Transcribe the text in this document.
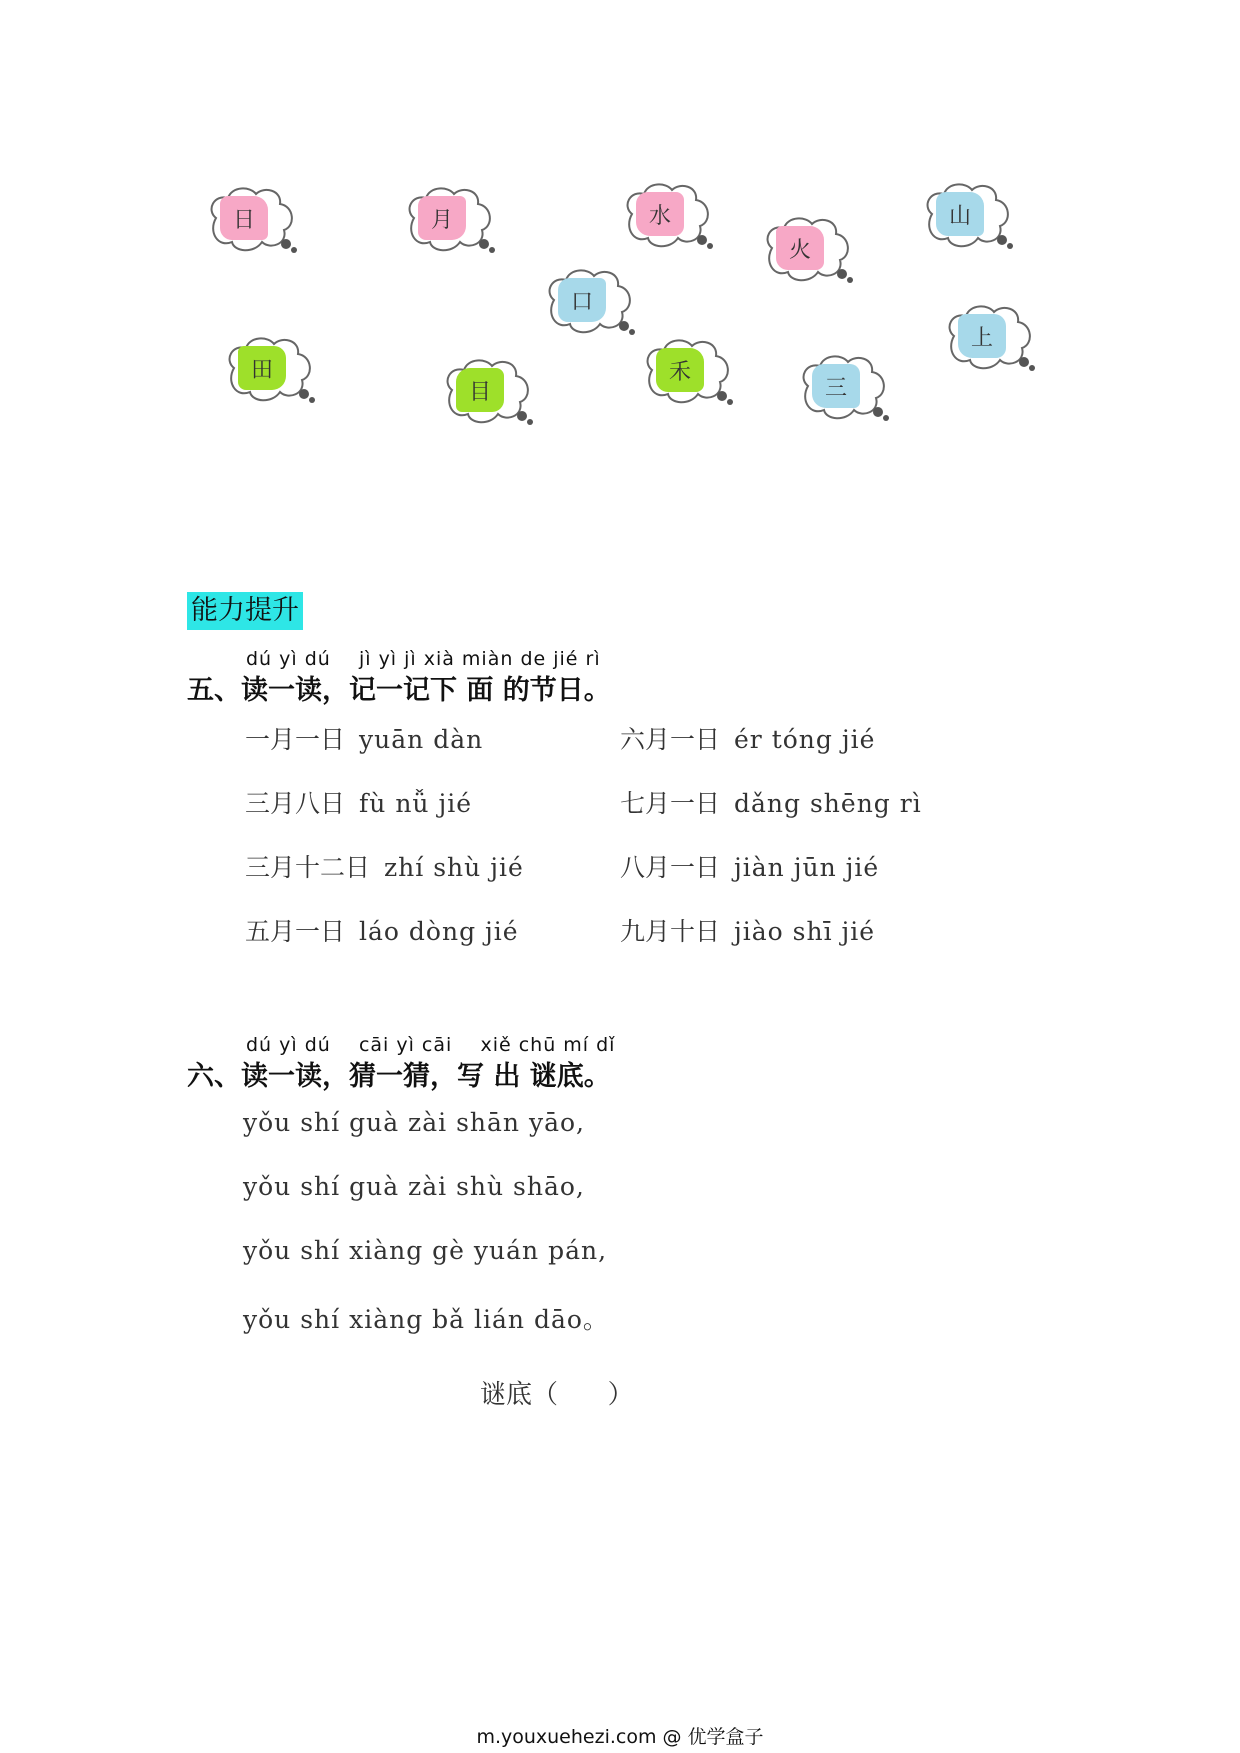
日	月	水
火
山
口
上
田
目
禾
三
能力提升
dú yì dú    jì yì jì xià miàn de jié rì
五、读一读，记一记下 面 的节日。
一月一日 yuān dàn	六月一日 ér tóng jié
三月八日 fù nǚ jié	七月一日 dǎng shēng rì
三月十二日 zhí shù jié	八月一日 jiàn jūn jié
五月一日 láo dòng jié	九月十日 jiào shī jié
dú yì dú    cāi yì cāi    xiě chū mí dǐ
六、读一读，猜一猜，写 出 谜底。
yǒu shí guà zài shān yāo,
yǒu shí guà zài shù shāo,
yǒu shí xiàng gè yuán pán,
yǒu shí xiàng bǎ lián dāo。
谜底（      ）
m.youxuehezi.com @ 优学盒子
